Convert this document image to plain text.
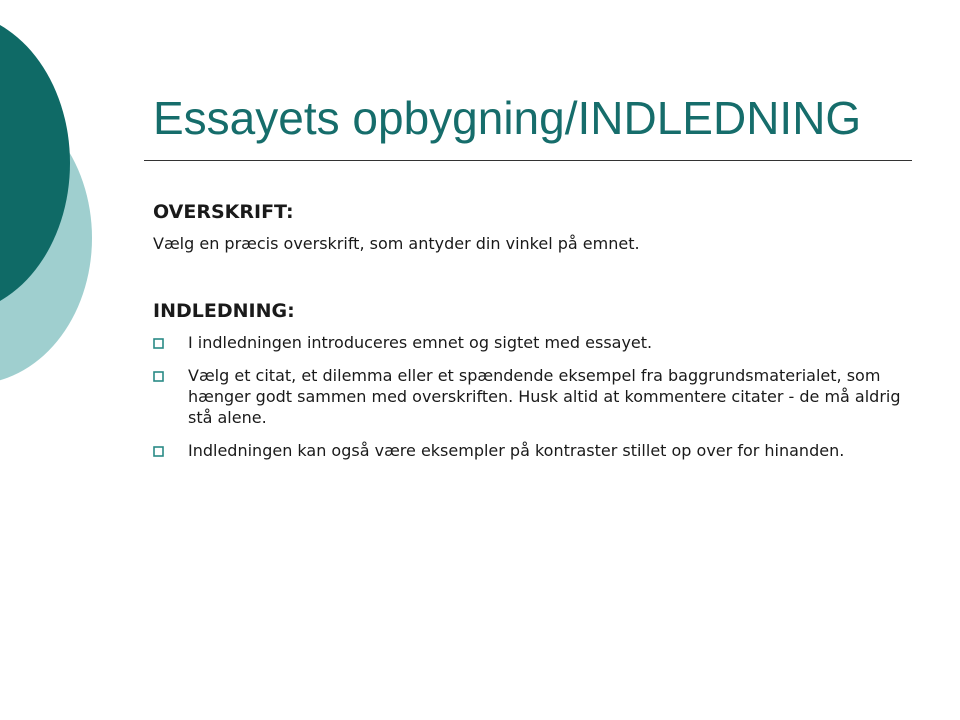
Essayets opbygning/INDLEDNING

OVERSKRIFT:

Vælg en præcis overskrift, som antyder din vinkel på emnet.

INDLEDNING:

I indledningen introduceres emnet og sigtet med essayet.
Vælg et citat, et dilemma eller et spændende eksempel fra baggrundsmaterialet, som hænger godt sammen med overskriften. Husk altid at kommentere citater - de må aldrig stå alene.
Indledningen kan også være eksempler på kontraster stillet op over for hinanden.
